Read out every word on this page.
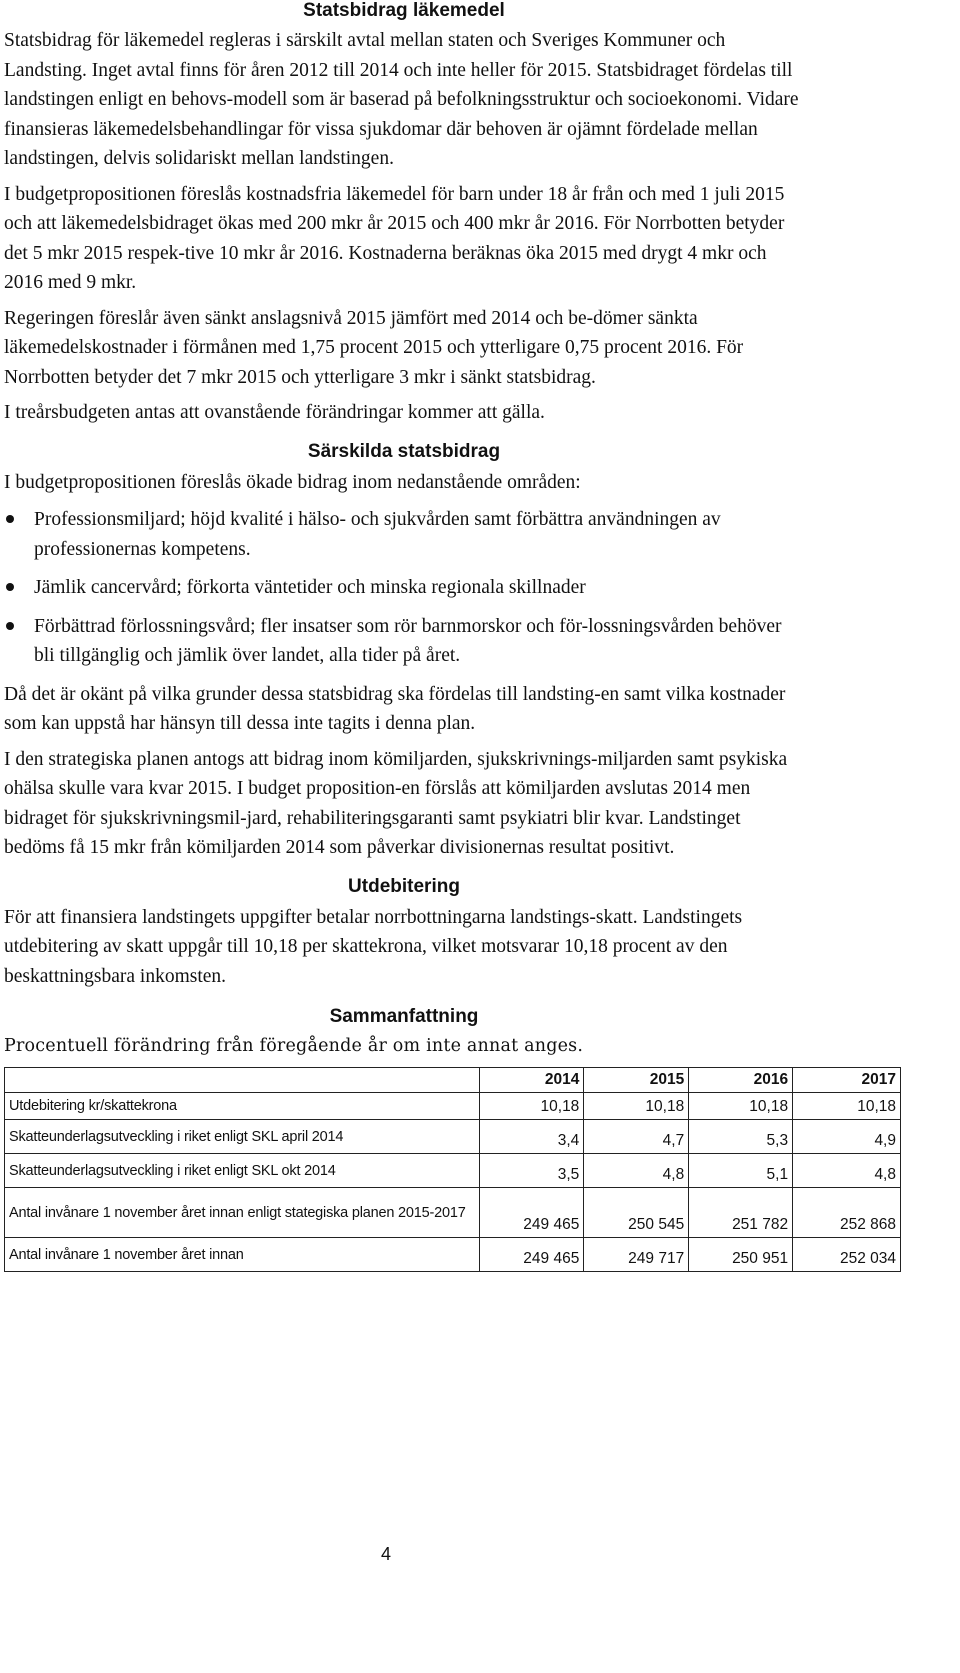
Statsbidrag läkemedel

Statsbidrag för läkemedel regleras i särskilt avtal mellan staten och Sveriges Kommuner och Landsting. Inget avtal finns för åren 2012 till 2014 och inte heller för 2015. Statsbidraget fördelas till landstingen enligt en behovs-modell som är baserad på befolkningsstruktur och socioekonomi. Vidare finansieras läkemedelsbehandlingar för vissa sjukdomar där behoven är ojämnt fördelade mellan landstingen, delvis solidariskt mellan landstingen.

I budgetpropositionen föreslås kostnadsfria läkemedel för barn under 18 år från och med 1 juli 2015 och att läkemedelsbidraget ökas med 200 mkr år 2015 och 400 mkr år 2016. För Norrbotten betyder det 5 mkr 2015 respek-tive 10 mkr år 2016. Kostnaderna beräknas öka 2015 med drygt 4 mkr och 2016 med 9 mkr.

Regeringen föreslår även sänkt anslagsnivå 2015 jämfört med 2014 och be-dömer sänkta läkemedelskostnader i förmånen med 1,75 procent 2015 och ytterligare 0,75 procent 2016. För Norrbotten betyder det 7 mkr 2015 och ytterligare 3 mkr i sänkt statsbidrag.

I treårsbudgeten antas att ovanstående förändringar kommer att gälla.

Särskilda statsbidrag

I budgetpropositionen föreslås ökade bidrag inom nedanstående områden:

Professionsmiljard; höjd kvalité i hälso- och sjukvården samt förbättra användningen av professionernas kompetens.
Jämlik cancervård; förkorta väntetider och minska regionala skillnader
Förbättrad förlossningsvård; fler insatser som rör barnmorskor och för-lossningsvården behöver bli tillgänglig och jämlik över landet, alla tider på året.

Då det är okänt på vilka grunder dessa statsbidrag ska fördelas till landsting-en samt vilka kostnader som kan uppstå har hänsyn till dessa inte tagits i denna plan.

I den strategiska planen antogs att bidrag inom kömiljarden, sjukskrivnings-miljarden samt psykiska ohälsa skulle vara kvar 2015. I budget proposition-en förslås att kömiljarden avslutas 2014 men bidraget för sjukskrivningsmil-jard, rehabiliteringsgaranti samt psykiatri blir kvar. Landstinget bedöms få 15 mkr från kömiljarden 2014 som påverkar divisionernas resultat positivt.

Utdebitering

För att finansiera landstingets uppgifter betalar norrbottningarna landstings-skatt. Landstingets utdebitering av skatt uppgår till 10,18 per skattekrona, vilket motsvarar 10,18 procent av den beskattningsbara inkomsten.

Sammanfattning

Procentuell förändring från föregående år om inte annat anges.

	2014	2015	2016	2017
Utdebitering kr/skattekrona	10,18	10,18	10,18	10,18
Skatteunderlagsutveckling i riket enligt SKL april 2014	3,4	4,7	5,3	4,9
Skatteunderlagsutveckling i riket enligt SKL okt 2014	3,5	4,8	5,1	4,8
Antal invånare 1 november året innan enligt stategiska planen 2015-2017	249 465	250 545	251 782	252 868
Antal invånare 1 november året innan	249 465	249 717	250 951	252 034
4
